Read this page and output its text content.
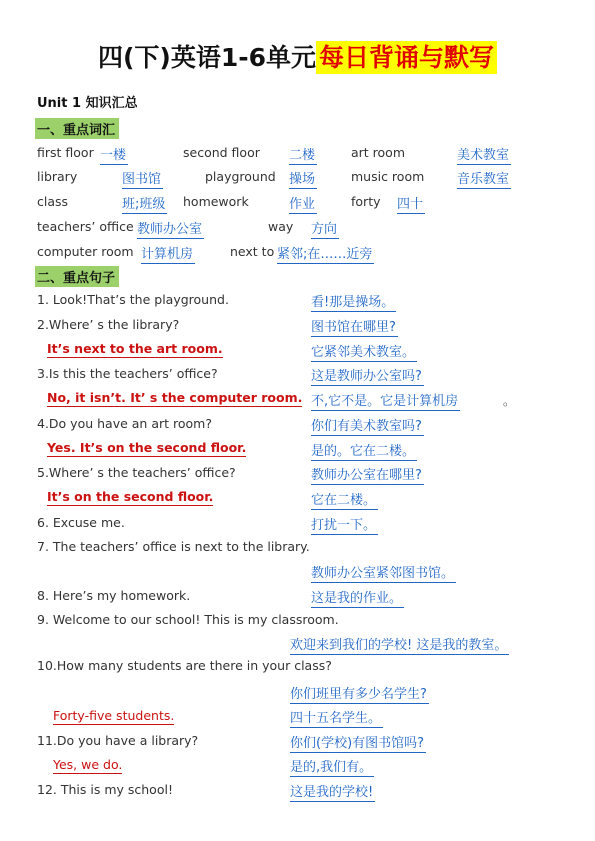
四(下)英语1-6单元 每日背诵与默写
Unit 1 知识汇总
一、重点词汇
first floor 一楼	second floor 二楼	art room	美术教室
library	图书馆	playground 操场	music room	音乐教室
class	班;班级 homework	作业	forty 四十
teachers’ office 教师办公室	way 方向
computer room 计算机房	next to 紧邻;在……近旁
二、重点句子
1. Look!That’s the playground.	看!那是操场。
2.Where’ s the library?	图书馆在哪里?
It’s next to the art room.	它紧邻美术教室。
3.Is this the teachers’ office?	这是教师办公室吗?
No, it isn’t. It’ s the computer room. 不,它不是。它是计算机房	。
4.Do you have an art room?	你们有美术教室吗?
Yes. It’s on the second floor.	是的。它在二楼。
5.Where’ s the teachers’ office?	教师办公室在哪里?
It’s on the second floor.	它在二楼。
6. Excuse me.	打扰一下。
7. The teachers’ office is next to the library.
教师办公室紧邻图书馆。
8. Here’s my homework.	这是我的作业。
9. Welcome to our school! This is my classroom.
欢迎来到我们的学校! 这是我的教室。
10.How many students are there in your class?
你们班里有多少名学生?
Forty-five students.	四十五名学生。
11.Do you have a library?	你们(学校)有图书馆吗?
Yes, we do.	是的,我们有。
12. This is my school!	这是我的学校!
